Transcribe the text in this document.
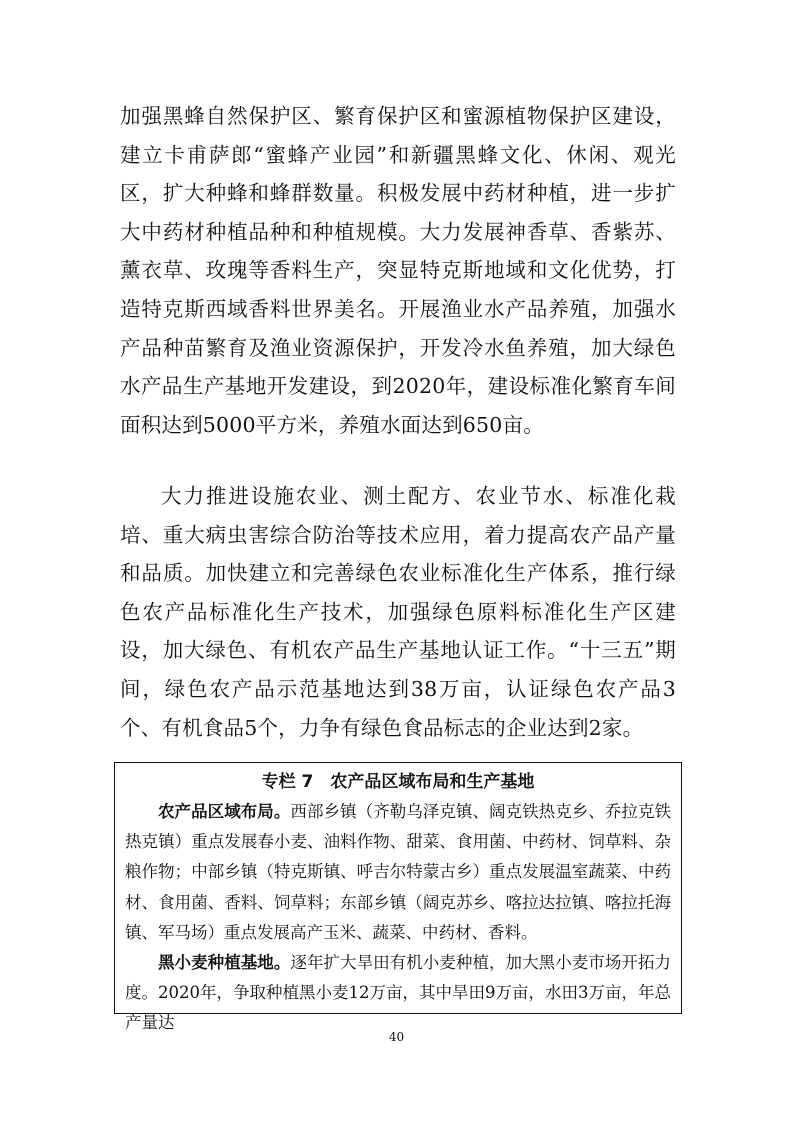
加强黑蜂自然保护区、繁育保护区和蜜源植物保护区建设，建立卡甫萨郎“蜜蜂产业园”和新疆黑蜂文化、休闲、观光区，扩大种蜂和蜂群数量。积极发展中药材种植，进一步扩大中药材种植品种和种植规模。大力发展神香草、香紫苏、薰衣草、玫瑰等香料生产，突显特克斯地域和文化优势，打造特克斯西域香料世界美名。开展渔业水产品养殖，加强水产品种苗繁育及渔业资源保护，开发冷水鱼养殖，加大绿色水产品生产基地开发建设，到2020年，建设标准化繁育车间面积达到5000平方米，养殖水面达到650亩。

大力推进设施农业、测土配方、农业节水、标准化栽培、重大病虫害综合防治等技术应用，着力提高农产品产量和品质。加快建立和完善绿色农业标准化生产体系，推行绿色农产品标准化生产技术，加强绿色原料标准化生产区建设，加大绿色、有机农产品生产基地认证工作。“十三五”期间，绿色农产品示范基地达到38万亩，认证绿色农产品3个、有机食品5个，力争有绿色食品标志的企业达到2家。

专栏 7　农产品区域布局和生产基地

农产品区域布局。西部乡镇（齐勒乌泽克镇、阔克铁热克乡、乔拉克铁热克镇）重点发展春小麦、油料作物、甜菜、食用菌、中药材、饲草料、杂粮作物；中部乡镇（特克斯镇、呼吉尔特蒙古乡）重点发展温室蔬菜、中药材、食用菌、香料、饲草料；东部乡镇（阔克苏乡、喀拉达拉镇、喀拉托海镇、军马场）重点发展高产玉米、蔬菜、中药材、香料。

黑小麦种植基地。逐年扩大旱田有机小麦种植，加大黑小麦市场开拓力度。2020年，争取种植黑小麦12万亩，其中旱田9万亩，水田3万亩，年总产量达

40
